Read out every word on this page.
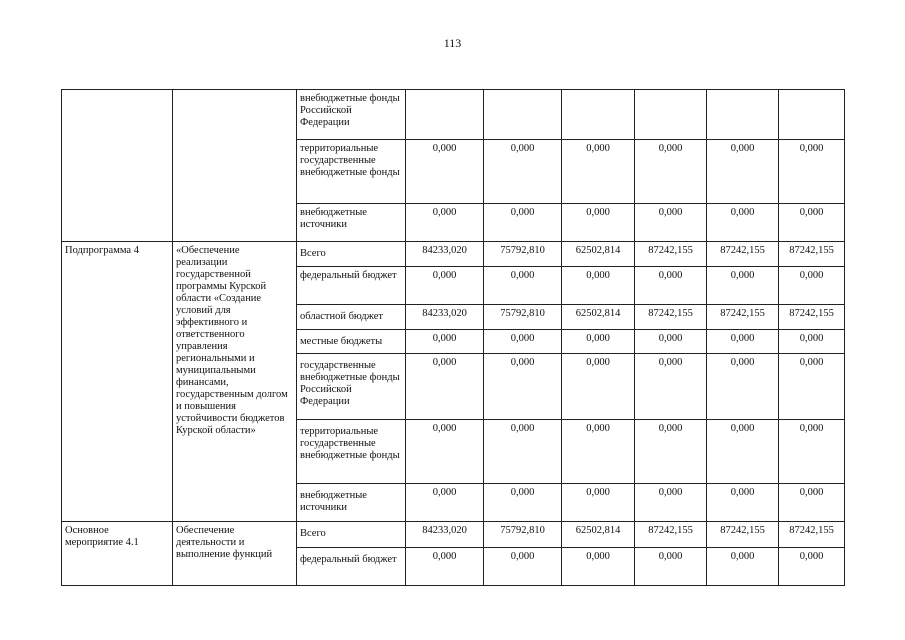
113
		внебюджетные фонды Российской Федерации						
		территориальные государственные внебюджетные фонды	0,000	0,000	0,000	0,000	0,000	0,000
		внебюджетные источники	0,000	0,000	0,000	0,000	0,000	0,000
Подпрограмма 4	«Обеспечение реализации государственной программы Курской области «Создание условий для эффективного и ответственного управления региональными и муниципальными финансами, государственным долгом и повышения устойчивости бюджетов Курской области»	Всего	84233,020	75792,810	62502,814	87242,155	87242,155	87242,155
		федеральный бюджет	0,000	0,000	0,000	0,000	0,000	0,000
		областной бюджет	84233,020	75792,810	62502,814	87242,155	87242,155	87242,155
		местные бюджеты	0,000	0,000	0,000	0,000	0,000	0,000
		государственные внебюджетные фонды Российской Федерации	0,000	0,000	0,000	0,000	0,000	0,000
		территориальные государственные внебюджетные фонды	0,000	0,000	0,000	0,000	0,000	0,000
		внебюджетные источники	0,000	0,000	0,000	0,000	0,000	0,000
Основное мероприятие 4.1	Обеспечение деятельности и выполнение функций	Всего	84233,020	75792,810	62502,814	87242,155	87242,155	87242,155
		федеральный бюджет	0,000	0,000	0,000	0,000	0,000	0,000
